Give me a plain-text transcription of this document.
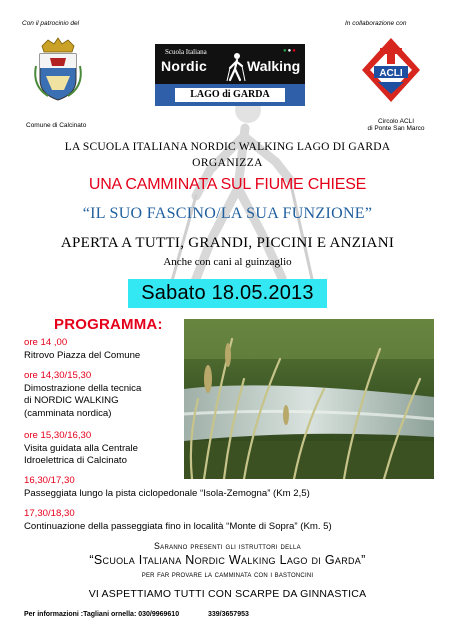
Con il patrocinio del	In collaborazione con
Comune di Calcinato
Scuola Italiana
Nordic	Walking
●●●
LAGO di GARDA
ACLI
Circolo ACLI
di Ponte San Marco
LA SCUOLA ITALIANA NORDIC WALKING LAGO DI GARDA
ORGANIZZA
UNA CAMMINATA SUL FIUME CHIESE
“IL SUO FASCINO/LA SUA FUNZIONE”
APERTA A TUTTI, GRANDI, PICCINI E ANZIANI
Anche con cani al guinzaglio
Sabato 18.05.2013
PROGRAMMA:
ore 14 ,00
Ritrovo Piazza del Comune
ore 14,30/15,30
Dimostrazione della tecnica
di NORDIC WALKING
(camminata nordica)
ore 15,30/16,30
Visita guidata alla Centrale
Idroelettrica di Calcinato
16,30/17,30
Passeggiata lungo la pista ciclopedonale “Isola-Zemogna” (Km 2,5)
17,30/18,30
Continuazione della passeggiata fino in località “Monte di Sopra” (Km. 5)
Saranno presenti gli istruttori della
“Scuola Italiana Nordic Walking Lago di Garda”
per far provare la camminata con i bastoncini
VI ASPETTIAMO TUTTI CON SCARPE DA GINNASTICA
Per informazioni :Tagliani ornella: 030/9969610	339/3657953
